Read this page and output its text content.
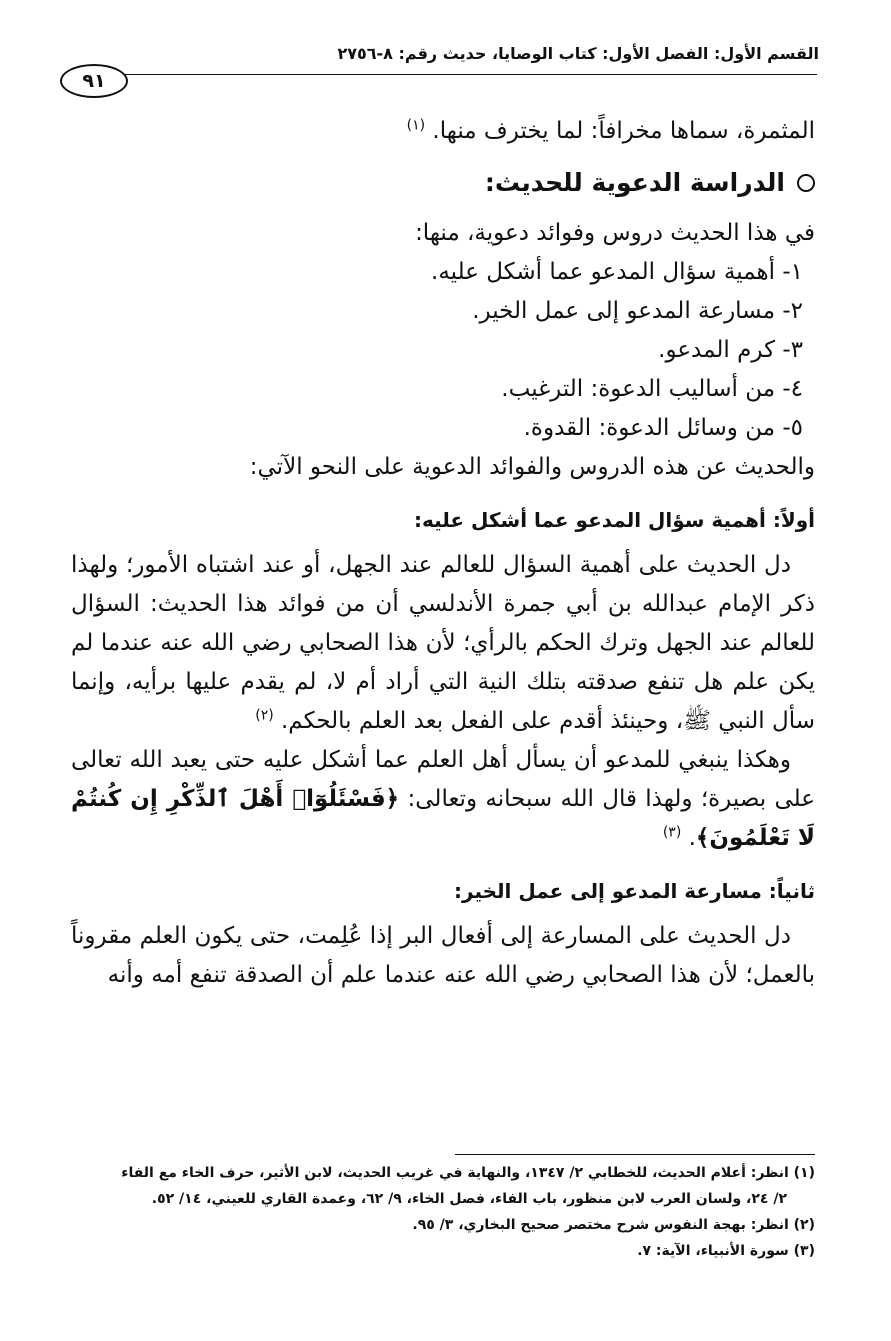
القسم الأول: الفصل الأول: كتاب الوصايا، حديث رقم: ٨-٢٧٥٦
٩١

المثمرة، سماها مخرافاً: لما يخترف منها. $^{(١)}$

الدراسة الدعوية للحديث:

في هذا الحديث دروس وفوائد دعوية، منها:

١- أهمية سؤال المدعو عما أشكل عليه.

٢- مسارعة المدعو إلى عمل الخير.

٣- كرم المدعو.

٤- من أساليب الدعوة: الترغيب.

٥- من وسائل الدعوة: القدوة.

والحديث عن هذه الدروس والفوائد الدعوية على النحو الآتي:

أولاً: أهمية سؤال المدعو عما أشكل عليه:

دل الحديث على أهمية السؤال للعالم عند الجهل، أو عند اشتباه الأمور؛ ولهذا ذكر الإمام عبدالله بن أبي جمرة الأندلسي أن من فوائد هذا الحديث: السؤال للعالم عند الجهل وترك الحكم بالرأي؛ لأن هذا الصحابي رضي الله عنه عندما لم يكن علم هل تنفع صدقته بتلك النية التي أراد أم لا، لم يقدم عليها برأيه، وإنما سأل النبي ﷺ، وحينئذ أقدم على الفعل بعد العلم بالحكم. $^{(٢)}$

وهكذا ينبغي للمدعو أن يسأل أهل العلم عما أشكل عليه حتى يعبد الله تعالى على بصيرة؛ ولهذا قال الله سبحانه وتعالى: ﴿فَسْئَلُوٓا۟ أَهْلَ ٱلذِّكْرِ إِن كُنتُمْ لَا تَعْلَمُونَ﴾. $^{(٣)}$

ثانياً: مسارعة المدعو إلى عمل الخير:

دل الحديث على المسارعة إلى أفعال البر إذا عُلِمت، حتى يكون العلم مقروناً بالعمل؛ لأن هذا الصحابي رضي الله عنه عندما علم أن الصدقة تنفع أمه وأنه

(١) انظر: أعلام الحديث، للخطابي ٢/ ١٣٤٧، والنهاية في غريب الحديث، لابن الأثير، حرف الخاء مع الفاء

٢/ ٢٤، ولسان العرب لابن منظور، باب الفاء، فصل الخاء، ٩/ ٦٢، وعمدة القاري للعيني، ١٤/ ٥٢.

(٢) انظر: بهجة النفوس شرح مختصر صحيح البخاري، ٣/ ٩٥.

(٣) سورة الأنبياء، الآية: ٧.
